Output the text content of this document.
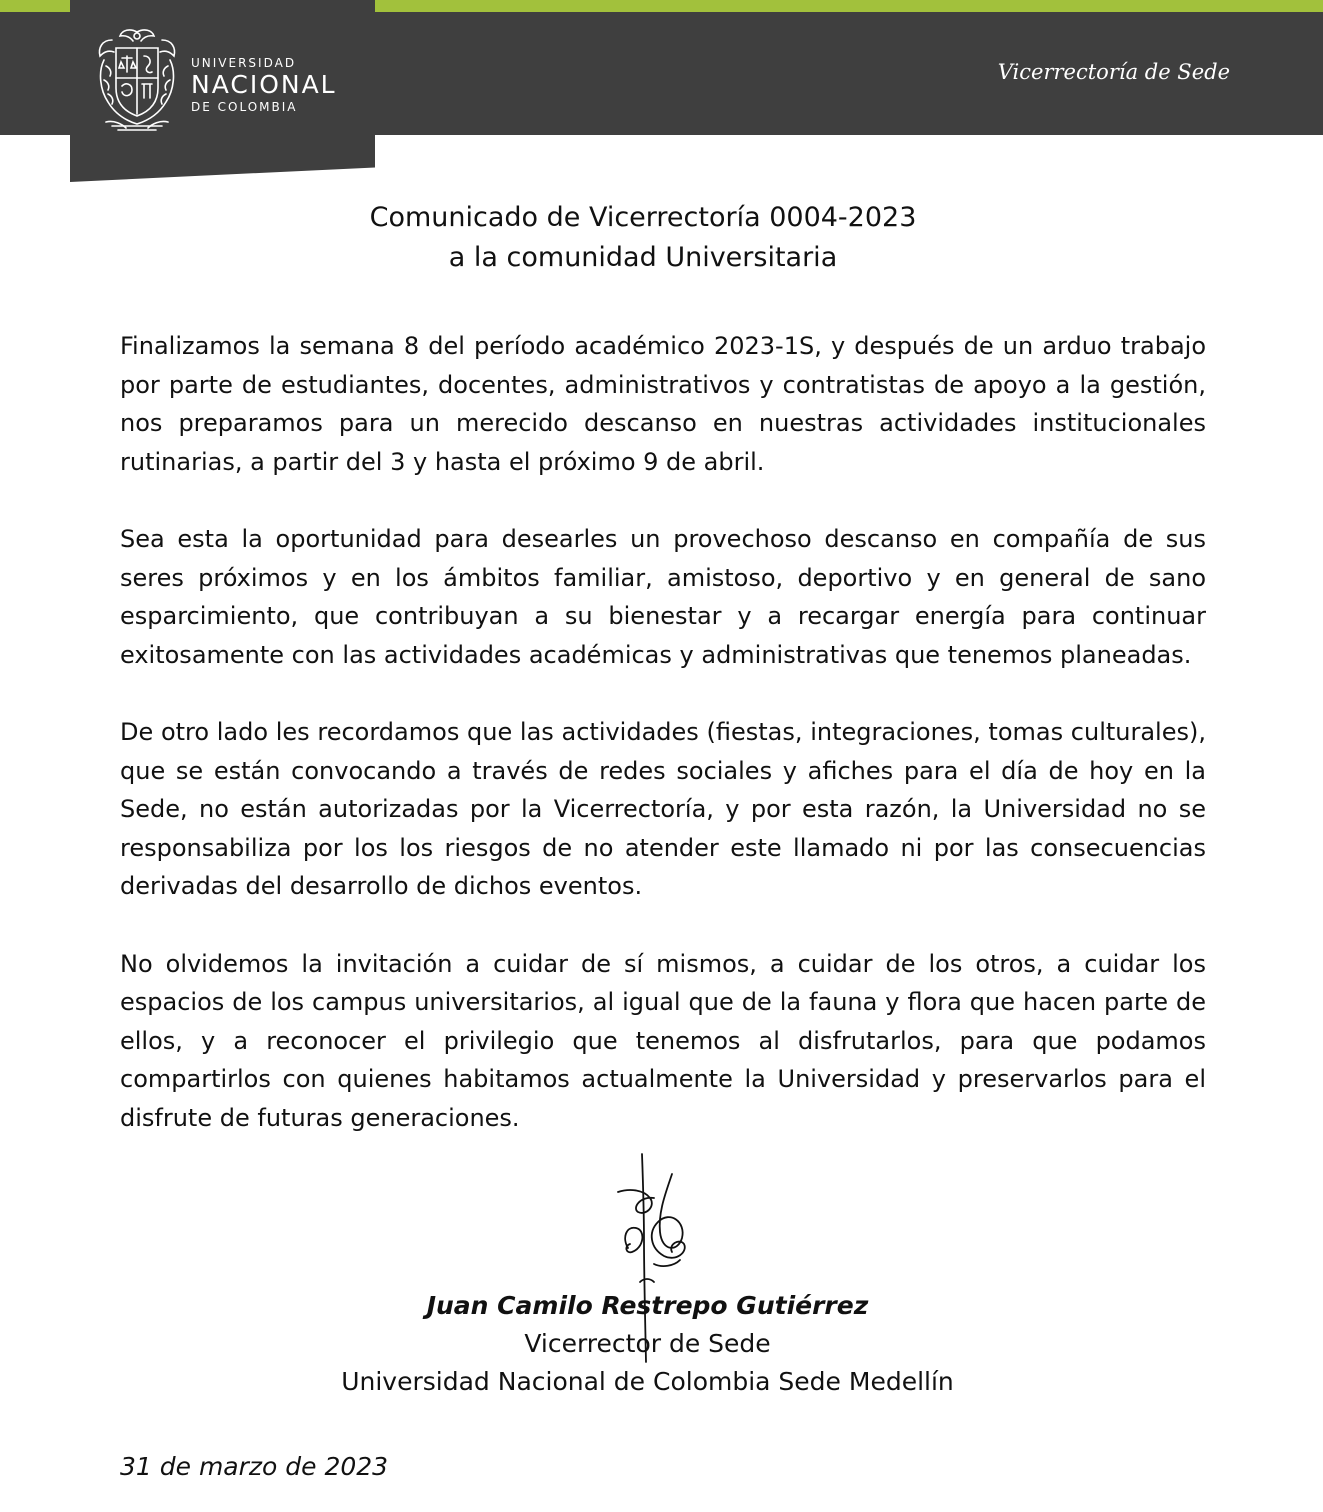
UNIVERSIDAD
NACIONAL
DE COLOMBIA
Vicerrectoría de Sede
Comunicado de Vicerrectoría 0004-2023
a la comunidad Universitaria

Finalizamos la semana 8 del período académico 2023-1S, y después de un arduo trabajo por parte de estudiantes, docentes, administrativos y contratistas de apoyo a la gestión, nos preparamos para un merecido descanso en nuestras actividades institucionales rutinarias, a partir del 3 y hasta el próximo 9 de abril.

Sea esta la oportunidad para desearles un provechoso descanso en compañía de sus seres próximos y en los ámbitos familiar, amistoso, deportivo y en general de sano esparcimiento, que contribuyan a su bienestar y a recargar energía para continuar exitosamente con las actividades académicas y administrativas que tenemos planeadas.

De otro lado les recordamos que las actividades (fiestas, integraciones, tomas culturales), que se están convocando a través de redes sociales y afiches para el día de hoy en la Sede, no están autorizadas por la Vicerrectoría, y por esta razón, la Universidad no se responsabiliza por los los riesgos de no atender este llamado ni por las consecuencias derivadas del desarrollo de dichos eventos.

No olvidemos la invitación a cuidar de sí mismos, a cuidar de los otros, a cuidar los espacios de los campus universitarios, al igual que de la fauna y flora que hacen parte de ellos, y a reconocer el privilegio que tenemos al disfrutarlos, para que podamos compartirlos con quienes habitamos actualmente la Universidad y preservarlos para el disfrute de futuras generaciones.

Juan Camilo Restrepo Gutiérrez
Vicerrector de Sede
Universidad Nacional de Colombia Sede Medellín
31 de marzo de 2023
